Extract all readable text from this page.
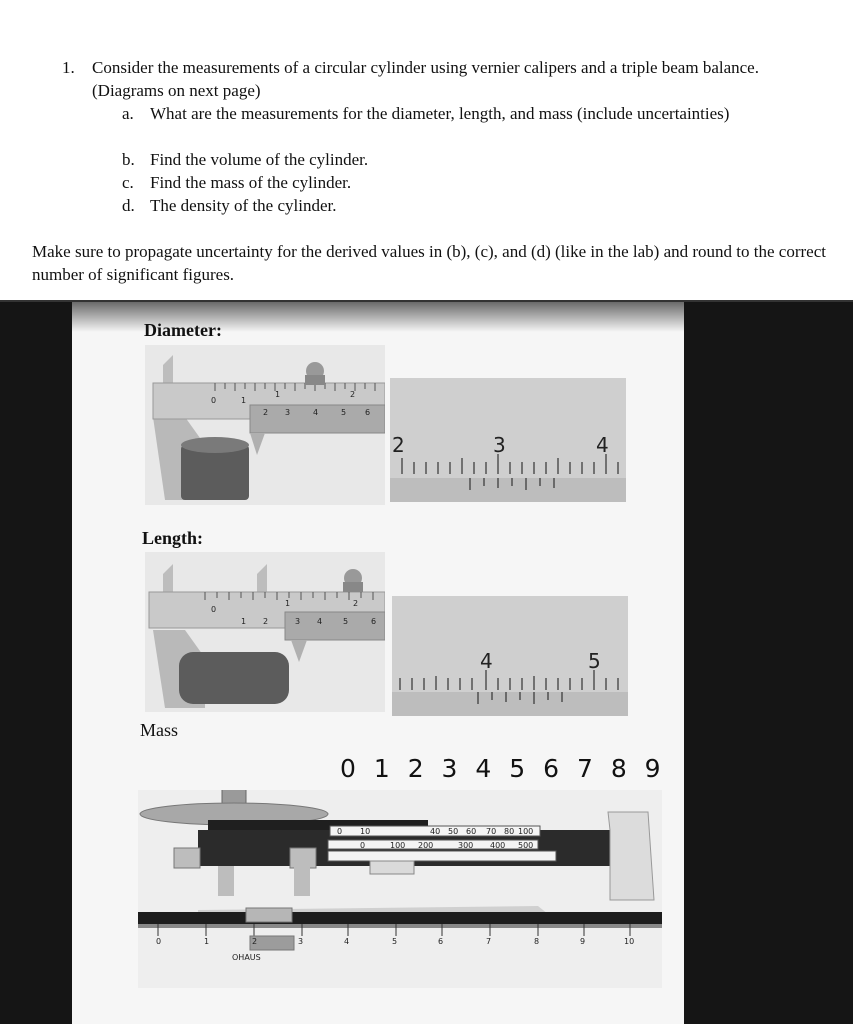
1. Consider the measurements of a circular cylinder using vernier calipers and a triple beam balance. (Diagrams on next page)
a. What are the measurements for the diameter, length, and mass (include uncertainties)
b. Find the volume of the cylinder.
c. Find the mass of the cylinder.
d. The density of the cylinder.
Make sure to propagate uncertainty for the derived values in (b), (c), and (d) (like in the lab) and round to the correct number of significant figures.
Diameter:
Length:
Mass
0	1
2 3	4	5 6
1	2
2	3	4
0
1 2	3 4	5	6
1	2
4	5
0 1 2 3 4 5 6 7 8 9
0 10	40 50 60 70 80 100
0	100 200	300 400 500
0	1	2	3	4	5	6	7	8	9	10
OHAUS
